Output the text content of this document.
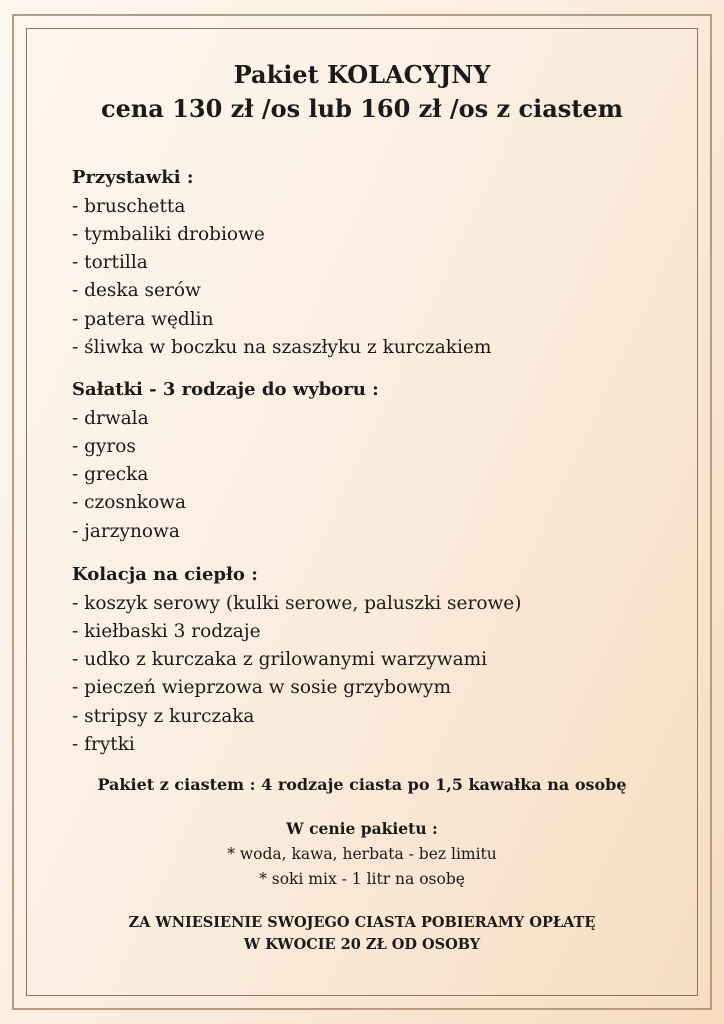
Pakiet KOLACYJNY
cena 130 zł /os lub 160 zł /os z ciastem
Przystawki :
- bruschetta
- tymbaliki drobiowe
- tortilla
- deska serów
- patera wędlin
- śliwka w boczku na szaszłyku z kurczakiem
Sałatki - 3 rodzaje do wyboru :
- drwala
- gyros
- grecka
- czosnkowa
- jarzynowa
Kolacja na ciepło :
- koszyk serowy (kulki serowe, paluszki serowe)
- kiełbaski 3 rodzaje
- udko z kurczaka z grilowanymi warzywami
- pieczeń wieprzowa w sosie grzybowym
- stripsy z kurczaka
- frytki

Pakiet z ciastem : 4 rodzaje ciasta po 1,5 kawałka na osobę

W cenie pakietu :

* woda, kawa, herbata - bez limitu

* soki mix - 1 litr na osobę

ZA WNIESIENIE SWOJEGO CIASTA POBIERAMY OPŁATĘ

W KWOCIE 20 ZŁ OD OSOBY
